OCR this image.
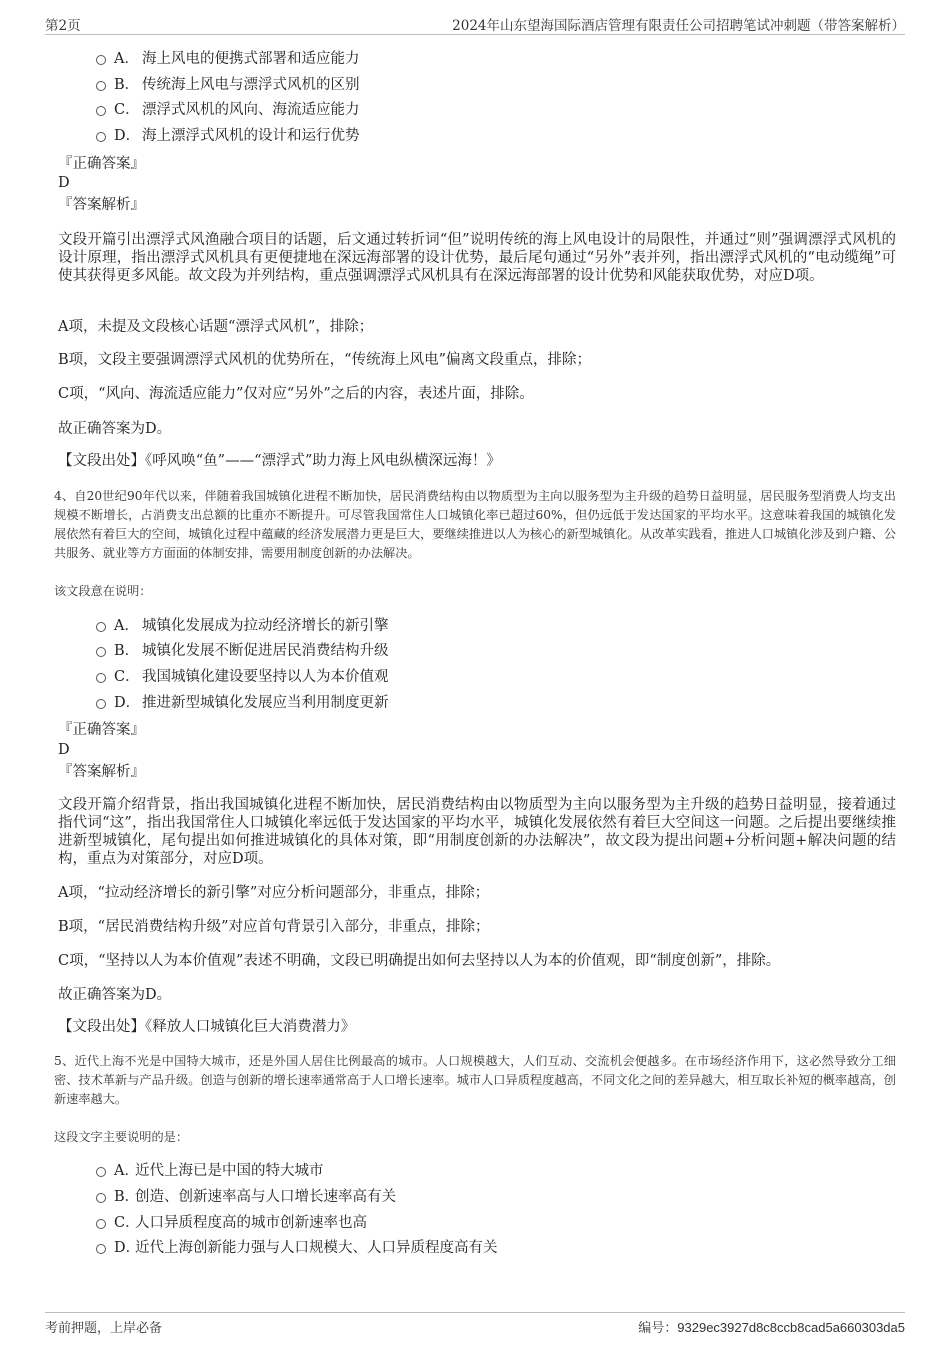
第2页	2024年山东望海国际酒店管理有限责任公司招聘笔试冲刺题（带答案解析）
A． 海上风电的便携式部署和适应能力
B． 传统海上风电与漂浮式风机的区别
C． 漂浮式风机的风向、海流适应能力
D． 海上漂浮式风机的设计和运行优势
『正确答案』
D
『答案解析』
文段开篇引出漂浮式风渔融合项目的话题，后文通过转折词“但”说明传统的海上风电设计的局限性，并通过“则”强调漂浮式风机的设计原理，指出漂浮式风机具有更便捷地在深远海部署的设计优势，最后尾句通过“另外”表并列，指出漂浮式风机的“电动缆绳”可使其获得更多风能。故文段为并列结构，重点强调漂浮式风机具有在深远海部署的设计优势和风能获取优势，对应D项。
A项，未提及文段核心话题“漂浮式风机”，排除；
B项，文段主要强调漂浮式风机的优势所在，“传统海上风电”偏离文段重点，排除；
C项，“风向、海流适应能力”仅对应“另外”之后的内容，表述片面，排除。
故正确答案为D。
【文段出处】《呼风唤“鱼”——“漂浮式”助力海上风电纵横深远海！》
4、自20世纪90年代以来，伴随着我国城镇化进程不断加快，居民消费结构由以物质型为主向以服务型为主升级的趋势日益明显，居民服务型消费人均支出规模不断增长，占消费支出总额的比重亦不断提升。可尽管我国常住人口城镇化率已超过60%，但仍远低于发达国家的平均水平。这意味着我国的城镇化发展依然有着巨大的空间，城镇化过程中蕴藏的经济发展潜力更是巨大，要继续推进以人为核心的新型城镇化。从改革实践看，推进人口城镇化涉及到户籍、公共服务、就业等方方面面的体制安排，需要用制度创新的办法解决。
该文段意在说明：
A． 城镇化发展成为拉动经济增长的新引擎
B． 城镇化发展不断促进居民消费结构升级
C． 我国城镇化建设要坚持以人为本价值观
D． 推进新型城镇化发展应当利用制度更新
『正确答案』
D
『答案解析』
文段开篇介绍背景，指出我国城镇化进程不断加快，居民消费结构由以物质型为主向以服务型为主升级的趋势日益明显，接着通过指代词“这”，指出我国常住人口城镇化率远低于发达国家的平均水平，城镇化发展依然有着巨大空间这一问题。之后提出要继续推进新型城镇化，尾句提出如何推进城镇化的具体对策，即“用制度创新的办法解决”，故文段为提出问题+分析问题+解决问题的结构，重点为对策部分，对应D项。
A项，“拉动经济增长的新引擎”对应分析问题部分，非重点，排除；
B项，“居民消费结构升级”对应首句背景引入部分，非重点，排除；
C项，“坚持以人为本价值观”表述不明确，文段已明确提出如何去坚持以人为本的价值观，即“制度创新”，排除。
故正确答案为D。
【文段出处】《释放人口城镇化巨大消费潜力》
5、近代上海不光是中国特大城市，还是外国人居住比例最高的城市。人口规模越大，人们互动、交流机会便越多。在市场经济作用下，这必然导致分工细密、技术革新与产品升级。创造与创新的增长速率通常高于人口增长速率。城市人口异质程度越高，不同文化之间的差异越大，相互取长补短的概率越高，创新速率越大。
这段文字主要说明的是：
A．近代上海已是中国的特大城市
B．创造、创新速率高与人口增长速率高有关
C．人口异质程度高的城市创新速率也高
D．近代上海创新能力强与人口规模大、人口异质程度高有关
考前押题，上岸必备	编号：9329ec3927d8c8ccb8cad5a660303da5
